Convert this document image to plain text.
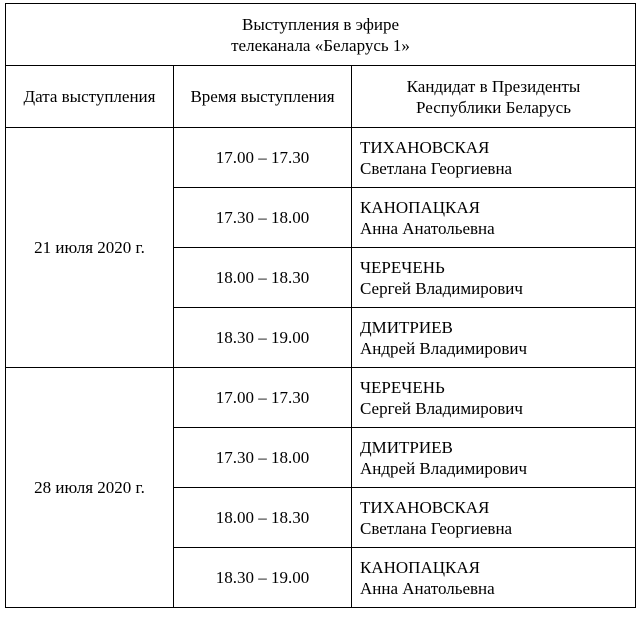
Выступления в эфире
телеканала «Беларусь 1»		

Дата выступления	Время выступления	Кандидат в Президенты
Республики Беларусь

21 июля 2020 г.	17.00 – 17.30	ТИХАНОВСКАЯ
Светлана Георгиевна

	17.30 – 18.00	КАНОПАЦКАЯ
Анна Анатольевна

	18.00 – 18.30	ЧЕРЕЧЕНЬ
Сергей Владимирович

	18.30 – 19.00	ДМИТРИЕВ
Андрей Владимирович

28 июля 2020 г.	17.00 – 17.30	ЧЕРЕЧЕНЬ
Сергей Владимирович

	17.30 – 18.00	ДМИТРИЕВ
Андрей Владимирович

	18.00 – 18.30	ТИХАНОВСКАЯ
Светлана Георгиевна

	18.30 – 19.00	КАНОПАЦКАЯ
Анна Анатольевна
